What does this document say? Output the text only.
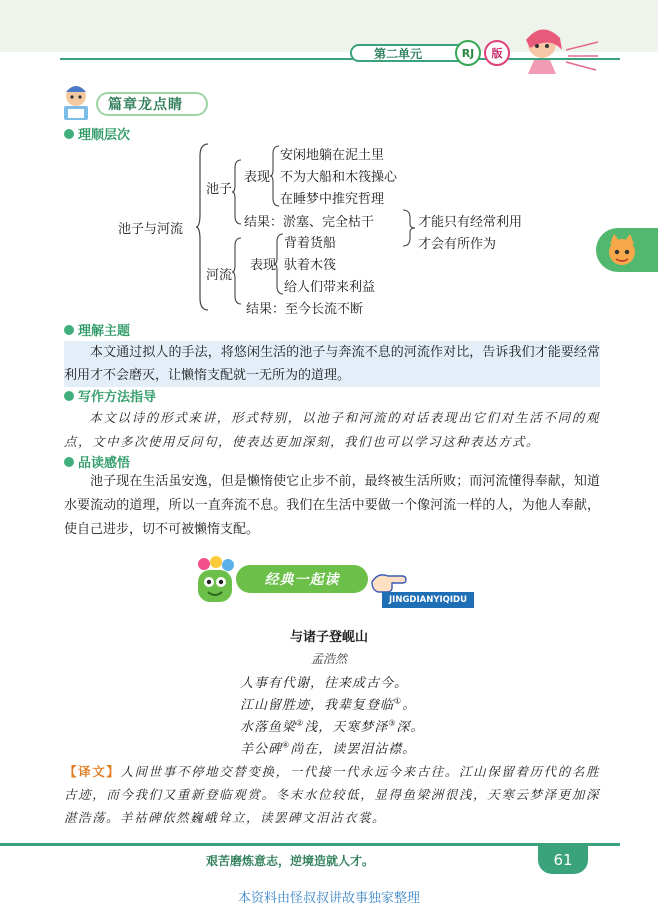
第二单元	RJ	版
篇章龙点睛
理顺层次
池子与河流
池子
表现
安闲地躺在泥土里
不为大船和木筏操心
在睡梦中推究哲理
结果：淤塞、完全枯干
河流
表现
背着货船
驮着木筏
给人们带来利益
结果：至今长流不断
才能只有经常利用
才会有所作为
理解主题
本文通过拟人的手法，将悠闲生活的池子与奔流不息的河流作对比，告诉我们才能要经常利用才不会磨灭，让懒惰支配就一无所为的道理。
写作方法指导
本文以诗的形式来讲，形式特别，以池子和河流的对话表现出它们对生活不同的观点，文中多次使用反问句，使表达更加深刻，我们也可以学习这种表达方式。
品读感悟
池子现在生活虽安逸，但是懒惰使它止步不前，最终被生活所败；而河流懂得奉献，知道水要流动的道理，所以一直奔流不息。我们在生活中要做一个像河流一样的人，为他人奉献，使自己进步，切不可被懒惰支配。
经典一起读
JINGDIANYIQIDU
与诸子登岘山
孟浩然
人事有代谢，往来成古今。
江山留胜迹，我辈复登临①。
水落鱼梁②浅，天寒梦泽③深。
羊公碑④尚在，读罢泪沾襟。
【译文】人间世事不停地交替变换，一代接一代永远今来古往。江山保留着历代的名胜古迹，而今我们又重新登临观赏。冬末水位较低，显得鱼梁洲很浅，天寒云梦泽更加深湛浩荡。羊祜碑依然巍峨耸立，读罢碑文泪沾衣裳。
艰苦磨炼意志，逆境造就人才。	61
本资料由怪叔叔讲故事独家整理
